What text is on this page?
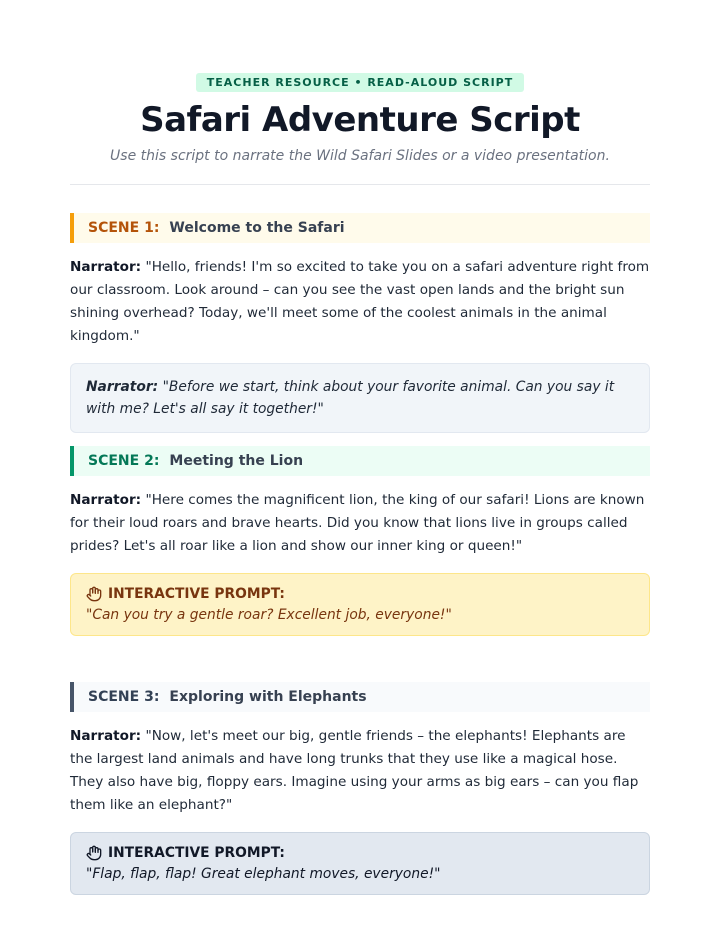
TEACHER RESOURCE • READ-ALOUD SCRIPT
Safari Adventure Script

Use this script to narrate the Wild Safari Slides or a video presentation.

SCENE 1: Welcome to the Safari

Narrator: "Hello, friends! I'm so excited to take you on a safari adventure right from our classroom. Look around – can you see the vast open lands and the bright sun shining overhead? Today, we'll meet some of the coolest animals in the animal kingdom."

Narrator: "Before we start, think about your favorite animal. Can you say it with me? Let's all say it together!"
SCENE 2: Meeting the Lion

Narrator: "Here comes the magnificent lion, the king of our safari! Lions are known for their loud roars and brave hearts. Did you know that lions live in groups called prides? Let's all roar like a lion and show our inner king or queen!"

INTERACTIVE PROMPT:
"Can you try a gentle roar? Excellent job, everyone!"
SCENE 3: Exploring with Elephants

Narrator: "Now, let's meet our big, gentle friends – the elephants! Elephants are the largest land animals and have long trunks that they use like a magical hose. They also have big, floppy ears. Imagine using your arms as big ears – can you flap them like an elephant?"

INTERACTIVE PROMPT:
"Flap, flap, flap! Great elephant moves, everyone!"
